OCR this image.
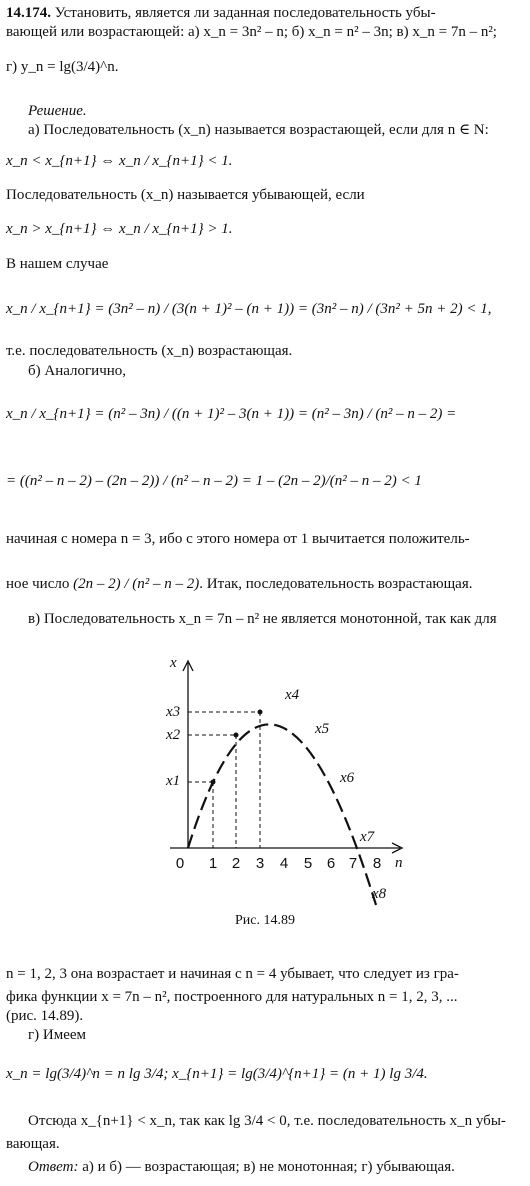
14.174. Установить, является ли заданная последовательность убы-
вающей или возрастающей: а) x_n = 3n² – n; б) x_n = n² – 3n; в) x_n = 7n – n²;
г) y_n = lg(3/4)^n.
Решение.
а) Последовательность (x_n) называется возрастающей, если для n ∈ N:
x_n < x_{n+1} ⇔ x_n / x_{n+1} < 1.
Последовательность (x_n) называется убывающей, если
x_n > x_{n+1} ⇔ x_n / x_{n+1} > 1.
В нашем случае
x_n / x_{n+1} = (3n² – n) / (3(n + 1)² – (n + 1)) = (3n² – n) / (3n² + 5n + 2) < 1,
т.е. последовательность (x_n) возрастающая.
б) Аналогично,
x_n / x_{n+1} = (n² – 3n) / ((n + 1)² – 3(n + 1)) = (n² – 3n) / (n² – n – 2) =
= ((n² – n – 2) – (2n – 2)) / (n² – n – 2) = 1 – (2n – 2)/(n² – n – 2) < 1
начиная с номера n = 3, ибо с этого номера от 1 вычитается положитель-
ное число (2n – 2) / (n² – n – 2). Итак, последовательность возрастающая.
в) Последовательность x_n = 7n – n² не является монотонной, так как для
x
n
x1
x2
x3
x4
x5
x6
x7
x8
0 1 2 3 4 5 6 7 8
Рис. 14.89
n = 1, 2, 3 она возрастает и начиная с n = 4 убывает, что следует из гра-
фика функции x = 7n – n², построенного для натуральных n = 1, 2, 3, ...
(рис. 14.89).
г) Имеем
x_n = lg(3/4)^n = n lg 3/4; x_{n+1} = lg(3/4)^{n+1} = (n + 1) lg 3/4.
Отсюда x_{n+1} < x_n, так как lg 3/4 < 0, т.е. последовательность x_n убы-
вающая.
Ответ: а) и б) — возрастающая; в) не монотонная; г) убывающая.
